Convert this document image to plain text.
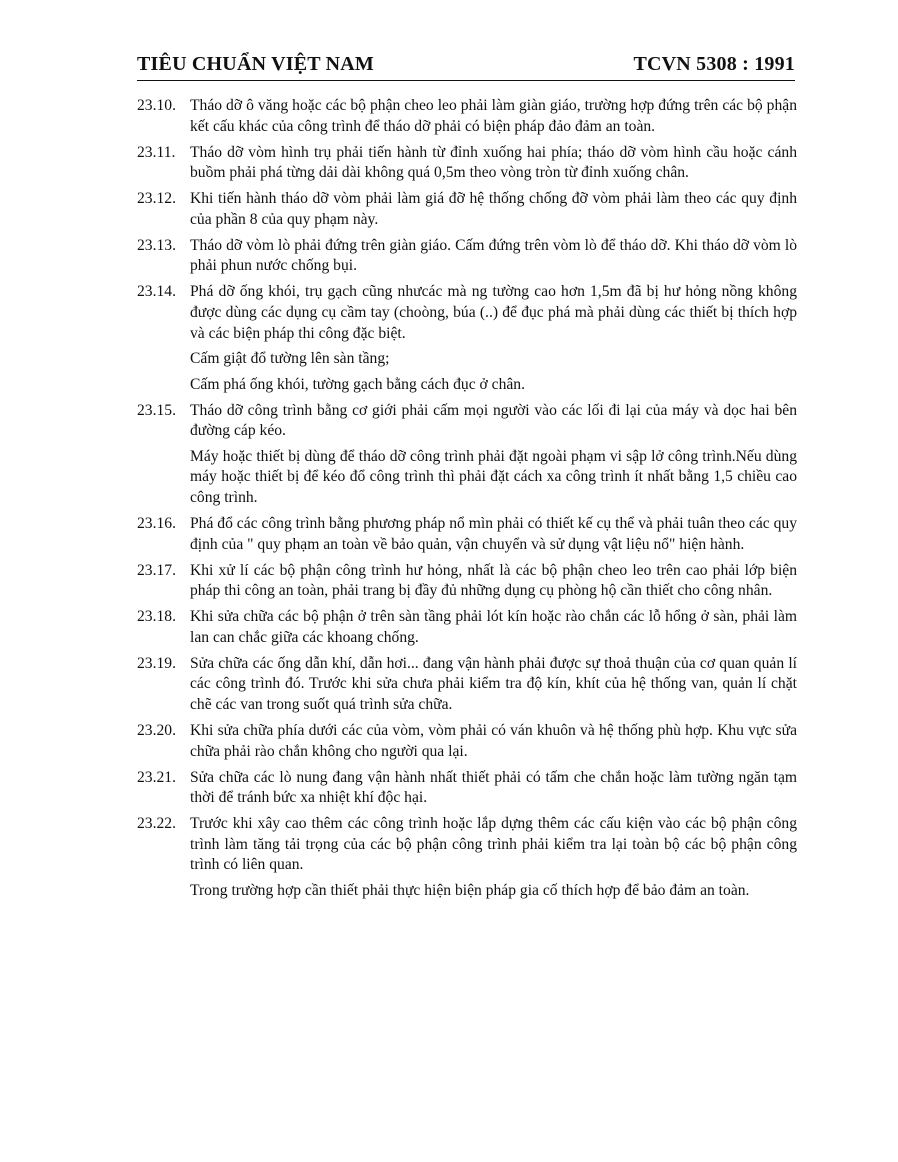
TIÊU CHUẨN VIỆT NAM	TCVN 5308 : 1991
23.10. Tháo dỡ ô văng hoặc các bộ phận cheo leo phải làm giàn giáo, trường hợp đứng trên các bộ phận kết cấu khác của công trình để tháo dỡ phải có biện pháp đảo đảm an toàn.

23.11. Tháo dỡ vòm hình trụ phải tiến hành từ đỉnh xuống hai phía; tháo dỡ vòm hình cầu hoặc cánh buồm phải phá từng dải dài không quá 0,5m theo vòng tròn từ đỉnh xuống chân.

23.12. Khi tiến hành tháo dỡ vòm phải làm giá đỡ hệ thống chống đỡ vòm phải làm theo các quy định của phần 8 của quy phạm này.

23.13. Tháo dỡ vòm lò phải đứng trên giàn giáo. Cấm đứng trên vòm lò để tháo dỡ. Khi tháo dỡ vòm lò phải phun nước chống bụi.

23.14. Phá dỡ ống khói, trụ gạch cũng nhưcác mà ng tường cao hơn 1,5m đã bị hư hỏng nồng không được dùng các dụng cụ cầm tay (choòng, búa (..) để đục phá mà phải dùng các thiết bị thích hợp và các biện pháp thi công đặc biệt.

Cấm giật đổ tường lên sàn tầng;

Cấm phá ống khói, tường gạch bằng cách đục ở chân.

23.15. Tháo dỡ công trình bằng cơ giới phải cấm mọi người vào các lối đi lại của máy và dọc hai bên đường cáp kéo.

Máy hoặc thiết bị dùng để tháo dỡ công trình phải đặt ngoài phạm vi sập lở công trình.Nếu dùng máy hoặc thiết bị để kéo đổ công trình thì phải đặt cách xa công trình ít nhất bằng 1,5 chiều cao công trình.

23.16. Phá đổ các công trình bằng phương pháp nổ mìn phải có thiết kế cụ thể và phải tuân theo các quy định của " quy phạm an toàn về bảo quản, vận chuyển và sử dụng vật liệu nổ" hiện hành.

23.17. Khi xử lí các bộ phận công trình hư hỏng, nhất là các bộ phận cheo leo trên cao phải lớp biện pháp thi công an toàn, phải trang bị đầy đủ những dụng cụ phòng hộ cần thiết cho công nhân.

23.18. Khi sửa chữa các bộ phận ở trên sàn tầng phải lót kín hoặc rào chắn các lỗ hổng ở sàn, phải làm lan can chắc giữa các khoang chống.

23.19. Sửa chữa các ống dẫn khí, dẫn hơi... đang vận hành phải được sự thoả thuận của cơ quan quản lí các công trình đó. Trước khi sửa chưa phải kiểm tra độ kín, khít của hệ thống van, quản lí chặt chẽ các van trong suốt quá trình sửa chữa.

23.20. Khi sửa chữa phía dưới các của vòm, vòm phải có ván khuôn và hệ thống phù hợp. Khu vực sửa chữa phải rào chắn không cho người qua lại.

23.21. Sửa chữa các lò nung đang vận hành nhất thiết phải có tấm che chắn hoặc làm tường ngăn tạm thời để tránh bức xa nhiệt khí độc hại.

23.22. Trước khi xây cao thêm các công trình hoặc lắp dựng thêm các cấu kiện vào các bộ phận công trình làm tăng tải trọng của các bộ phận công trình phải kiểm tra lại toàn bộ các bộ phận công trình có liên quan.

Trong trường hợp cần thiết phải thực hiện biện pháp gia cố thích hợp để bảo đảm an toàn.
